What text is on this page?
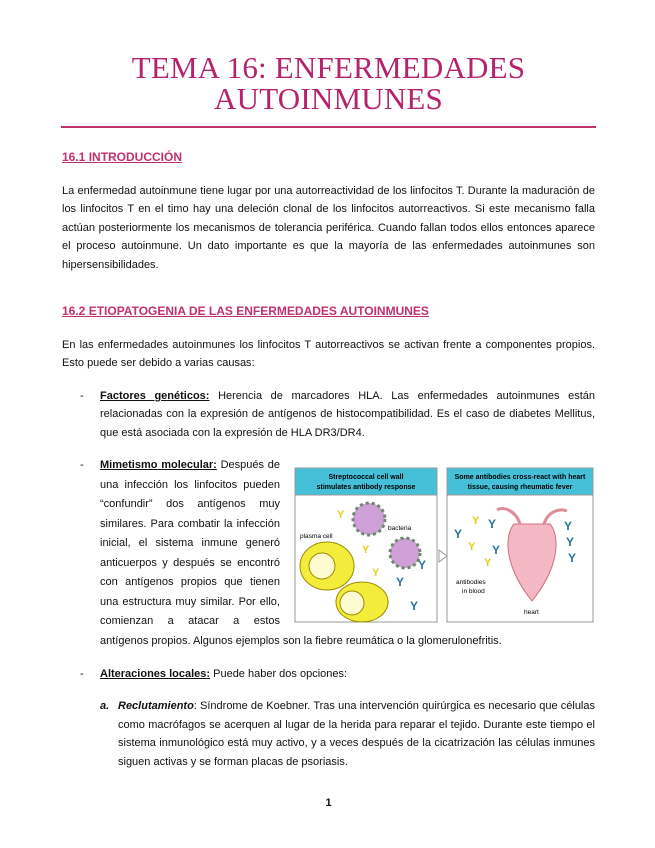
TEMA 16: ENFERMEDADES
AUTOINMUNES
16.1 INTRODUCCIÓN

La enfermedad autoinmune tiene lugar por una autorreactividad de los linfocitos T. Durante la maduración de los linfocitos T en el timo hay una deleción clonal de los linfocitos autorreactivos. Si este mecanismo falla actúan posteriormente los mecanismos de tolerancia periférica. Cuando fallan todos ellos entonces aparece el proceso autoinmune. Un dato importante es que la mayoría de las enfermedades autoinmunes son hipersensibilidades.

16.2 ETIOPATOGENIA DE LAS ENFERMEDADES AUTOINMUNES

En las enfermedades autoinmunes los linfocitos T autorreactivos se activan frente a componentes propios. Esto puede ser debido a varias causas:

- Factores genéticos: Herencia de marcadores HLA. Las enfermedades autoinmunes están relacionadas con la expresión de antígenos de histocompatibilidad. Es el caso de diabetes Mellitus, que está asociada con la expresión de HLA DR3/DR4.

-
Streptococcal cell wall
stimulates antibody response
Some antibodies cross-react with heart
tissue, causing rheumatic fever
plasma cell
bacteria
Y
Y
Y
Y
Y
Y
Y
Y
Y
Y
Y
Y
Y
Y
Y
antibodies
in blood
heart

Mimetismo molecular: Después de una infección los linfocitos pueden “confundir” dos antígenos muy similares. Para combatir la infección inicial, el sistema inmune generó anticuerpos y después se encontró con antígenos propios que tienen una estructura muy similar. Por ello, comienzan a atacar a estos antígenos propios. Algunos ejemplos son la fiebre reumática o la glomerulonefritis.

- Alteraciones locales: Puede haber dos opciones:

a. Reclutamiento: Síndrome de Koebner. Tras una intervención quirúrgica es necesario que células como macrófagos se acerquen al lugar de la herida para reparar el tejido. Durante este tiempo el sistema inmunológico está muy activo, y a veces después de la cicatrización las células inmunes siguen activas y se forman placas de psoriasis.

1
